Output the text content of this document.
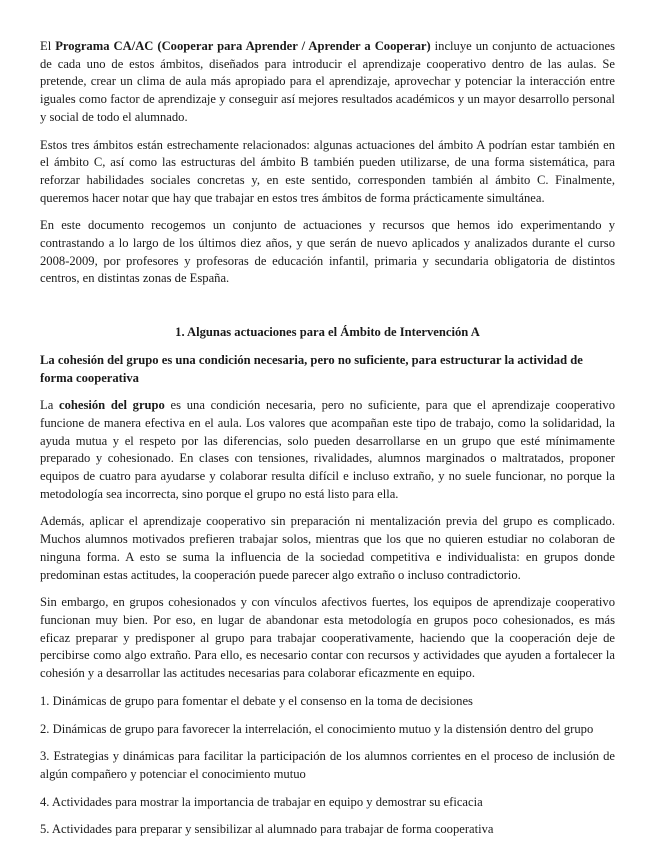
El Programa CA/AC (Cooperar para Aprender / Aprender a Cooperar) incluye un conjunto de actuaciones de cada uno de estos ámbitos, diseñados para introducir el aprendizaje cooperativo dentro de las aulas. Se pretende, crear un clima de aula más apropiado para el aprendizaje, aprovechar y potenciar la interacción entre iguales como factor de aprendizaje y conseguir así mejores resultados académicos y un mayor desarrollo personal y social de todo el alumnado.

Estos tres ámbitos están estrechamente relacionados: algunas actuaciones del ámbito A podrían estar también en el ámbito C, así como las estructuras del ámbito B también pueden utilizarse, de una forma sistemática, para reforzar habilidades sociales concretas y, en este sentido, corresponden también al ámbito C. Finalmente, queremos hacer notar que hay que trabajar en estos tres ámbitos de forma prácticamente simultánea.

En este documento recogemos un conjunto de actuaciones y recursos que hemos ido experimentando y contrastando a lo largo de los últimos diez años, y que serán de nuevo aplicados y analizados durante el curso 2008-2009, por profesores y profesoras de educación infantil, primaria y secundaria obligatoria de distintos centros, en distintas zonas de España.

1. Algunas actuaciones para el Ámbito de Intervención A
La cohesión del grupo es una condición necesaria, pero no suficiente, para estructurar la actividad de forma cooperativa

La cohesión del grupo es una condición necesaria, pero no suficiente, para que el aprendizaje cooperativo funcione de manera efectiva en el aula. Los valores que acompañan este tipo de trabajo, como la solidaridad, la ayuda mutua y el respeto por las diferencias, solo pueden desarrollarse en un grupo que esté mínimamente preparado y cohesionado. En clases con tensiones, rivalidades, alumnos marginados o maltratados, proponer equipos de cuatro para ayudarse y colaborar resulta difícil e incluso extraño, y no suele funcionar, no porque la metodología sea incorrecta, sino porque el grupo no está listo para ella.

Además, aplicar el aprendizaje cooperativo sin preparación ni mentalización previa del grupo es complicado. Muchos alumnos motivados prefieren trabajar solos, mientras que los que no quieren estudiar no colaboran de ninguna forma. A esto se suma la influencia de la sociedad competitiva e individualista: en grupos donde predominan estas actitudes, la cooperación puede parecer algo extraño o incluso contradictorio.

Sin embargo, en grupos cohesionados y con vínculos afectivos fuertes, los equipos de aprendizaje cooperativo funcionan muy bien. Por eso, en lugar de abandonar esta metodología en grupos poco cohesionados, es más eficaz preparar y predisponer al grupo para trabajar cooperativamente, haciendo que la cooperación deje de percibirse como algo extraño. Para ello, es necesario contar con recursos y actividades que ayuden a fortalecer la cohesión y a desarrollar las actitudes necesarias para colaborar eficazmente en equipo.

1. Dinámicas de grupo para fomentar el debate y el consenso en la toma de decisiones
2. Dinámicas de grupo para favorecer la interrelación, el conocimiento mutuo y la distensión dentro del grupo
3. Estrategias y dinámicas para facilitar la participación de los alumnos corrientes en el proceso de inclusión de algún compañero y potenciar el conocimiento mutuo
4. Actividades para mostrar la importancia de trabajar en equipo y demostrar su eficacia
5. Actividades para preparar y sensibilizar al alumnado para trabajar de forma cooperativa
